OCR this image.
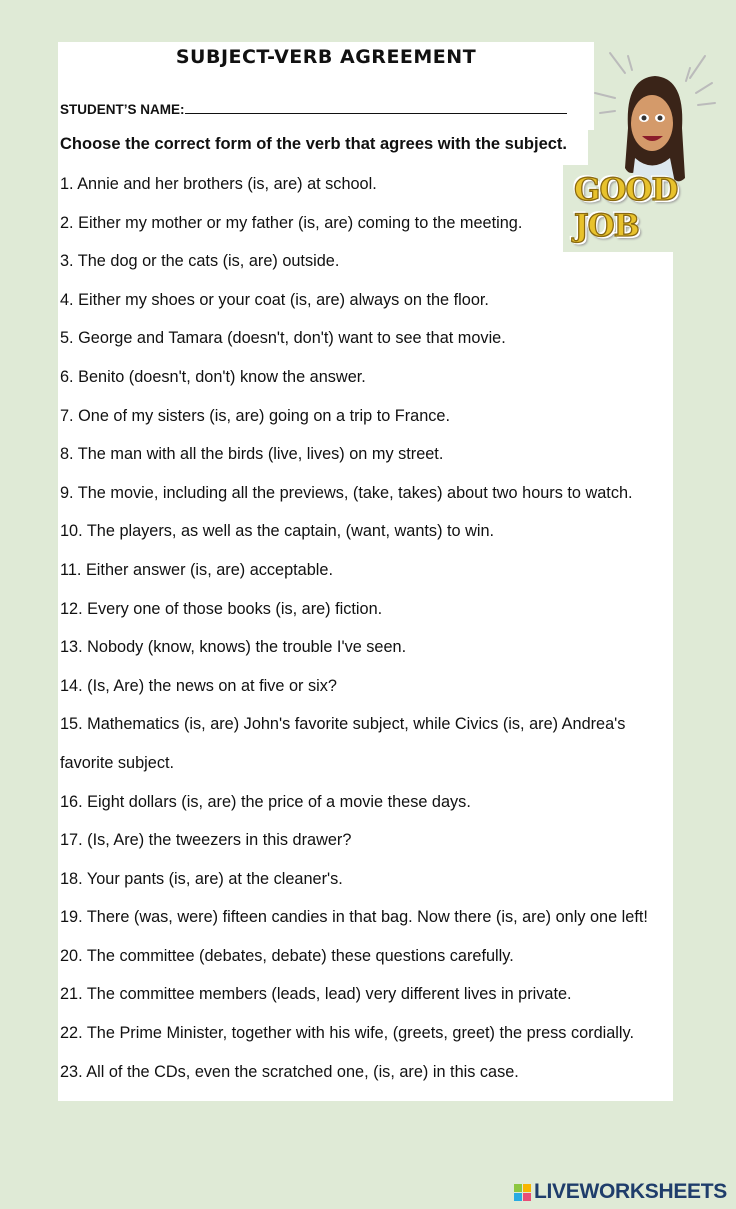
SUBJECT-VERB AGREEMENT
STUDENT’S NAME:
Choose the correct form of the verb that agrees with the subject.
1. Annie and her brothers (is, are) at school.
2. Either my mother or my father (is, are) coming to the meeting.
3. The dog or the cats (is, are) outside.
4. Either my shoes or your coat (is, are) always on the floor.
5. George and Tamara (doesn't, don't) want to see that movie.
6. Benito (doesn't, don't) know the answer.
7. One of my sisters (is, are) going on a trip to France.
8. The man with all the birds (live, lives) on my street.
9. The movie, including all the previews, (take, takes) about two hours to watch.
10. The players, as well as the captain, (want, wants) to win.
11. Either answer (is, are) acceptable.
12. Every one of those books (is, are) fiction.
13. Nobody (know, knows) the trouble I've seen.
14. (Is, Are) the news on at five or six?
15. Mathematics (is, are) John's favorite subject, while Civics (is, are) Andrea's
favorite subject.
16. Eight dollars (is, are) the price of a movie these days.
17. (Is, Are) the tweezers in this drawer?
18. Your pants (is, are) at the cleaner's.
19. There (was, were) fifteen candies in that bag. Now there (is, are) only one left!
20. The committee (debates, debate) these questions carefully.
21. The committee members (leads, lead) very different lives in private.
22. The Prime Minister, together with his wife, (greets, greet) the press cordially.
23. All of the CDs, even the scratched one, (is, are) in this case.
GOOD JOB
LIVEWORKSHEETS
